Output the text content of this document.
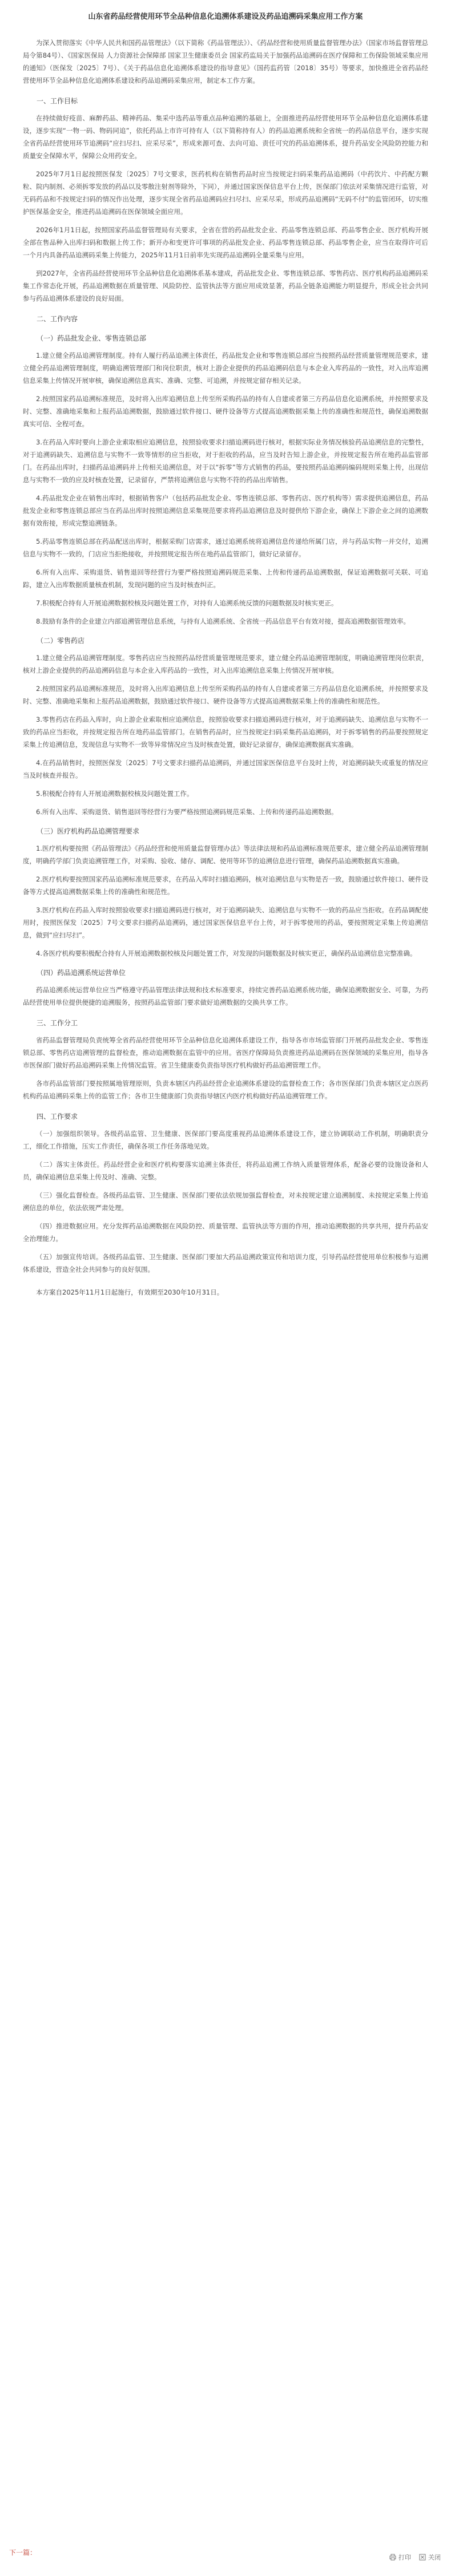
山东省药品经营使用环节全品种信息化追溯体系建设及药品追溯码采集应用工作方案

为深入贯彻落实《中华人民共和国药品管理法》（以下简称《药品管理法》）、《药品经营和使用质量监督管理办法》（国家市场监督管理总局令第84号）、《国家医保局 人力资源社会保障部 国家卫生健康委员会 国家药监局关于加强药品追溯码在医疗保障和工伤保险领域采集应用的通知》（医保发〔2025〕7号）、《关于药品信息化追溯体系建设的指导意见》（国药监药管〔2018〕35号）等要求，加快推进全省药品经营使用环节全品种信息化追溯体系建设和药品追溯码采集应用，制定本工作方案。

一、工作目标

在持续做好疫苗、麻醉药品、精神药品、集采中选药品等重点品种追溯的基础上，全面推进药品经营使用环节全品种信息化追溯体系建设，逐步实现“一物一码、物码同追”，依托药品上市许可持有人（以下简称持有人）的药品追溯系统和全省统一的药品信息平台，逐步实现全省药品经营使用环节追溯码“应扫尽扫、应采尽采”，形成来源可查、去向可追、责任可究的药品追溯体系，提升药品安全风险防控能力和质量安全保障水平，保障公众用药安全。

2025年7月1日起按照医保发〔2025〕7号文要求，医药机构在销售药品时应当按规定扫码采集药品追溯码（中药饮片、中药配方颗粒、院内制剂、必须拆零发放的药品以及零散注射剂等除外，下同），并通过国家医保信息平台上传，医保部门依法对采集情况进行监管，对无码药品和不按规定扫码的情况作出处理，逐步实现全省药品追溯码应扫尽扫、应采尽采，形成药品追溯码“无码不付”的监管闭环，切实维护医保基金安全，推进药品追溯码在医保领域全面应用。

2026年1月1日起，按照国家药品监督管理局有关要求，全省在营的药品批发企业、药品零售连锁总部、药品零售企业、医疗机构开展全部在售品种入出库扫码和数据上传工作；新开办和变更许可事项的药品批发企业、药品零售连锁总部、药品零售企业，应当在取得许可后一个月内具备药品追溯码采集上传能力，2025年11月1日前率先实现药品追溯码全量采集与应用。

到2027年，全省药品经营使用环节全品种信息化追溯体系基本建成，药品批发企业、零售连锁总部、零售药店、医疗机构药品追溯码采集工作常态化开展，药品追溯数据在质量管理、风险防控、监管执法等方面应用成效显著，药品全链条追溯能力明显提升，形成全社会共同参与药品追溯体系建设的良好局面。

二、工作内容

（一）药品批发企业、零售连锁总部

1.建立健全药品追溯管理制度。持有人履行药品追溯主体责任，药品批发企业和零售连锁总部应当按照药品经营质量管理规范要求，建立健全药品追溯管理制度，明确追溯管理部门和岗位职责，核对上游企业提供的药品追溯码信息与本企业入库药品的一致性，对入出库追溯信息采集上传情况开展审核，确保追溯信息真实、准确、完整、可追溯，并按规定留存相关记录。

2.按照国家药品追溯标准规范，及时将入出库追溯信息上传至所采购药品的持有人自建或者第三方药品信息化追溯系统，并按照要求及时、完整、准确地采集和上报药品追溯数据，鼓励通过软件接口、硬件设备等方式提高追溯数据采集上传的准确性和规范性，确保追溯数据真实可信、全程可查。

3.在药品入库时要向上游企业索取相应追溯信息，按照验收要求扫描追溯码进行核对，根据实际业务情况核验药品追溯信息的完整性，对于追溯码缺失、追溯信息与实物不一致等情形的应当拒收，对于拒收的药品，应当及时告知上游企业，并按规定报告所在地药品监管部门。在药品出库时，扫描药品追溯码并上传相关追溯信息，对于以“拆零”等方式销售的药品，要按照药品追溯码编码规则采集上传，出现信息与实物不一致的应及时核查处置，记录留存，严禁将追溯信息与实物不符的药品出库销售。

4.药品批发企业在销售出库时，根据销售客户（包括药品批发企业、零售连锁总部、零售药店、医疗机构等）需求提供追溯信息，药品批发企业和零售连锁总部应当在药品出库时按照追溯信息采集规范要求将药品追溯信息及时提供给下游企业，确保上下游企业之间的追溯数据有效衔接，形成完整追溯链条。

5.药品零售连锁总部在药品配送出库时，根据采购门店需求，通过追溯系统将追溯信息传递给所属门店，并与药品实物一并交付，追溯信息与实物不一致的，门店应当拒绝接收，并按照规定报告所在地药品监管部门，做好记录留存。

6.所有入出库、采购退货、销售退回等经营行为要严格按照追溯码规范采集、上传和传递药品追溯数据，保证追溯数据可关联、可追踪，建立入出库数据质量核查机制，发现问题的应当及时核查纠正。

7.积极配合持有人开展追溯数据校核及问题处置工作，对持有人追溯系统反馈的问题数据及时核实更正。

8.鼓励有条件的企业建立内部追溯管理信息系统，与持有人追溯系统、全省统一药品信息平台有效对接，提高追溯数据管理效率。

（二）零售药店

1.建立健全药品追溯管理制度。零售药店应当按照药品经营质量管理规范要求，建立健全药品追溯管理制度，明确追溯管理岗位职责，核对上游企业提供的药品追溯码信息与本企业入库药品的一致性，对入出库追溯信息采集上传情况开展审核。

2.按照国家药品追溯标准规范，及时将入出库追溯信息上传至所采购药品的持有人自建或者第三方药品信息化追溯系统，并按照要求及时、完整、准确地采集和上报药品追溯数据，鼓励通过软件接口、硬件设备等方式提高追溯数据采集上传的准确性和规范性。

3.零售药店在药品入库时，向上游企业索取相应追溯信息，按照验收要求扫描追溯码进行核对，对于追溯码缺失、追溯信息与实物不一致的药品应当拒收，并按规定报告所在地药品监管部门。在销售药品时，应当按规定扫码采集药品追溯码，对于拆零销售的药品要按照规定采集上传追溯信息，发现信息与实物不一致等异常情况应当及时核查处置，做好记录留存，确保追溯数据真实准确。

4.在药品销售时，按照医保发〔2025〕7号文要求扫描药品追溯码，并通过国家医保信息平台及时上传，对追溯码缺失或重复的情况应当及时核查并报告。

5.积极配合持有人开展追溯数据校核及问题处置工作。

6.所有入出库、采购退货、销售退回等经营行为要严格按照追溯码规范采集、上传和传递药品追溯数据。

（三）医疗机构药品追溯管理要求

1.医疗机构要按照《药品管理法》《药品经营和使用质量监督管理办法》等法律法规和药品追溯标准规范要求，建立健全药品追溯管理制度，明确药学部门负责追溯管理工作，对采购、验收、储存、调配、使用等环节的追溯信息进行管理，确保药品追溯数据真实准确。

2.医疗机构要按照国家药品追溯标准规范要求，在药品入库时扫描追溯码，核对追溯信息与实物是否一致，鼓励通过软件接口、硬件设备等方式提高追溯数据采集上传的准确性和规范性。

3.医疗机构在药品入库时按照验收要求扫描追溯码进行核对，对于追溯码缺失、追溯信息与实物不一致的药品应当拒收。在药品调配使用时，按照医保发〔2025〕7号文要求扫描药品追溯码，通过国家医保信息平台上传，对于拆零使用的药品，要按照规定采集上传追溯信息，做到“应扫尽扫”。

4.各医疗机构要积极配合持有人开展追溯数据校核及问题处置工作，对发现的问题数据及时核实更正，确保药品追溯信息完整准确。

（四）药品追溯系统运营单位

药品追溯系统运营单位应当严格遵守药品管理法律法规和技术标准要求，持续完善药品追溯系统功能，确保追溯数据安全、可靠，为药品经营使用单位提供便捷的追溯服务，按照药品监管部门要求做好追溯数据的交换共享工作。

三、工作分工

省药品监督管理局负责统筹全省药品经营使用环节全品种信息化追溯体系建设工作，指导各市市场监管部门开展药品批发企业、零售连锁总部、零售药店追溯管理的监督检查，推动追溯数据在监管中的应用。省医疗保障局负责推进药品追溯码在医保领域的采集应用，指导各市医保部门做好药品追溯码采集上传情况监管。省卫生健康委负责指导医疗机构做好药品追溯管理工作。

各市药品监管部门要按照属地管理原则，负责本辖区内药品经营企业追溯体系建设的监督检查工作；各市医保部门负责本辖区定点医药机构药品追溯码采集上传的监管工作；各市卫生健康部门负责指导辖区内医疗机构做好药品追溯管理工作。

四、工作要求

（一）加强组织领导。各级药品监管、卫生健康、医保部门要高度重视药品追溯体系建设工作，建立协调联动工作机制，明确职责分工，细化工作措施，压实工作责任，确保各项工作任务落地见效。

（二）落实主体责任。药品经营企业和医疗机构要落实追溯主体责任，将药品追溯工作纳入质量管理体系，配备必要的设施设备和人员，确保追溯信息采集上传及时、准确、完整。

（三）强化监督检查。各级药品监管、卫生健康、医保部门要依法依规加强监督检查，对未按规定建立追溯制度、未按规定采集上传追溯信息的单位，依法依规严肃处理。

（四）推进数据应用。充分发挥药品追溯数据在风险防控、质量管理、监管执法等方面的作用，推动追溯数据的共享共用，提升药品安全治理能力。

（五）加强宣传培训。各级药品监管、卫生健康、医保部门要加大药品追溯政策宣传和培训力度，引导药品经营使用单位积极参与追溯体系建设，营造全社会共同参与的良好氛围。

本方案自2025年11月1日起施行，有效期至2030年10月31日。

下一篇：
打印	关闭
